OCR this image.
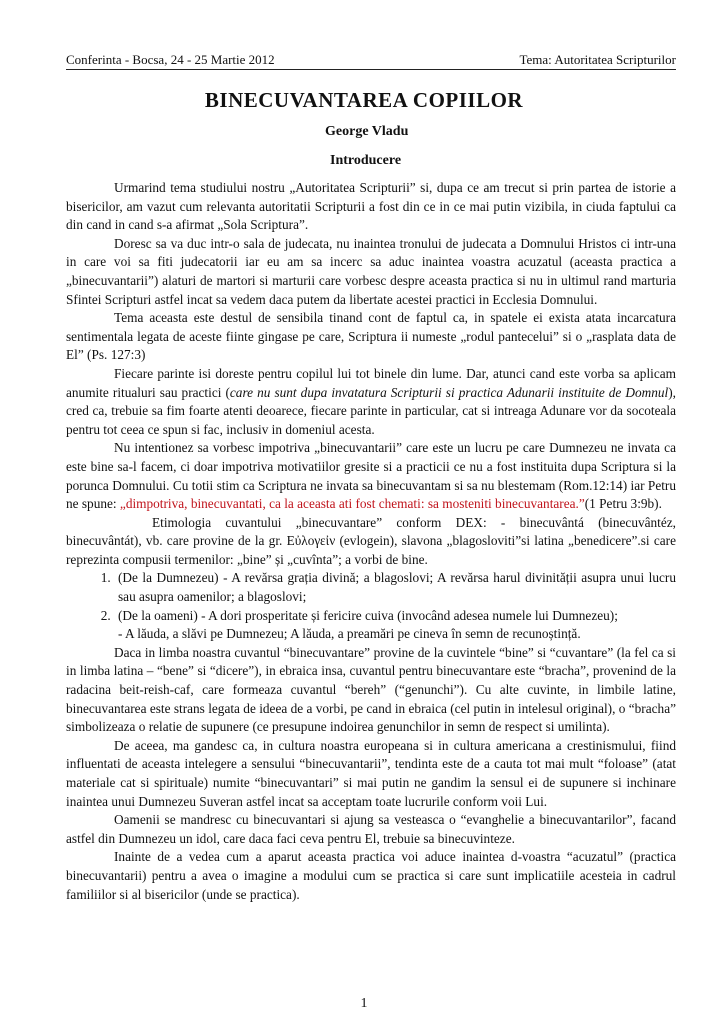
Conferinta - Bocsa, 24 - 25 Martie 2012	Tema: Autoritatea Scripturilor
BINECUVANTAREA COPIILOR
George Vladu
Introducere

Urmarind tema studiului nostru „Autoritatea Scripturii” si, dupa ce am trecut si prin partea de istorie a bisericilor, am vazut cum relevanta autoritatii Scripturii a fost din ce in ce mai putin vizibila, in ciuda faptului ca din cand in cand s-a afirmat „Sola Scriptura”.

Doresc sa va duc intr-o sala de judecata, nu inaintea tronului de judecata a Domnului Hristos ci intr-una in care voi sa fiti judecatorii iar eu am sa incerc sa aduc inaintea voastra acuzatul (aceasta practica a „binecuvantarii”) alaturi de martori si marturii care vorbesc despre aceasta practica si nu in ultimul rand marturia Sfintei Scripturi astfel incat sa vedem daca putem da libertate acestei practici in Ecclesia Domnului.

Tema aceasta este destul de sensibila tinand cont de faptul ca, in spatele ei exista atata incarcatura sentimentala legata de aceste fiinte gingase pe care, Scriptura ii numeste „rodul pantecelui” si o „rasplata data de El” (Ps. 127:3)

Fiecare parinte isi doreste pentru copilul lui tot binele din lume. Dar, atunci cand este vorba sa aplicam anumite ritualuri sau practici (care nu sunt dupa invatatura Scripturii si practica Adunarii instituite de Domnul), cred ca, trebuie sa fim foarte atenti deoarece, fiecare parinte in particular, cat si intreaga Adunare vor da socoteala pentru tot ceea ce spun si fac, inclusiv in domeniul acesta.

Nu intentionez sa vorbesc impotriva „binecuvantarii” care este un lucru pe care Dumnezeu ne invata ca este bine sa-l facem, ci doar impotriva motivatiilor gresite si a practicii ce nu a fost instituita dupa Scriptura si la porunca Domnului. Cu totii stim ca Scriptura ne invata sa binecuvantam si sa nu blestemam (Rom.12:14) iar Petru ne spune: „dimpotriva, binecuvantati, ca la aceasta ati fost chemati: sa mosteniti binecuvantarea.”(1 Petru 3:9b).

Etimologia cuvantului „binecuvantare” conform DEX: - binecuvântá (binecuvântéz, binecuvântát), vb. care provine de la gr. Εὐλογεἰν (evlogein), slavona „blagosloviti”si latina „benedicere”.si care reprezinta compusii termenilor: „bine” și „cuvînta”; a vorbi de bine.

1. (De la Dumnezeu) - A revărsa grația divină; a blagoslovi; A revărsa harul divinității asupra unui lucru sau asupra oamenilor; a blagoslovi;
2. (De la oameni) - A dori prosperitate și fericire cuiva (invocând adesea numele lui Dumnezeu);
- A lăuda, a slăvi pe Dumnezeu; A lăuda, a preamări pe cineva în semn de recunoștință.

Daca in limba noastra cuvantul “binecuvantare” provine de la cuvintele “bine” si “cuvantare” (la fel ca si in limba latina – “bene” si “dicere”), in ebraica insa, cuvantul pentru binecuvantare este “bracha”, provenind de la radacina beit-reish-caf, care formeaza cuvantul “bereh” (“genunchi”). Cu alte cuvinte, in limbile latine, binecuvantarea este strans legata de ideea de a vorbi, pe cand in ebraica (cel putin in intelesul original), o “bracha” simbolizeaza o relatie de supunere (ce presupune indoirea genunchilor in semn de respect si umilinta).

De aceea, ma gandesc ca, in cultura noastra europeana si in cultura americana a crestinismului, fiind influentati de aceasta intelegere a sensului “binecuvantarii”, tendinta este de a cauta tot mai mult “foloase” (atat materiale cat si spirituale) numite “binecuvantari” si mai putin ne gandim la sensul ei de supunere si inchinare inaintea unui Dumnezeu Suveran astfel incat sa acceptam toate lucrurile conform voii Lui.

Oamenii se mandresc cu binecuvantari si ajung sa vesteasca o “evanghelie a binecuvantarilor”, facand astfel din Dumnezeu un idol, care daca faci ceva pentru El, trebuie sa binecuvinteze.

Inainte de a vedea cum a aparut aceasta practica voi aduce inaintea d-voastra “acuzatul” (practica binecuvantarii) pentru a avea o imagine a modului cum se practica si care sunt implicatiile acesteia in cadrul familiilor si al bisericilor (unde se practica).

1
